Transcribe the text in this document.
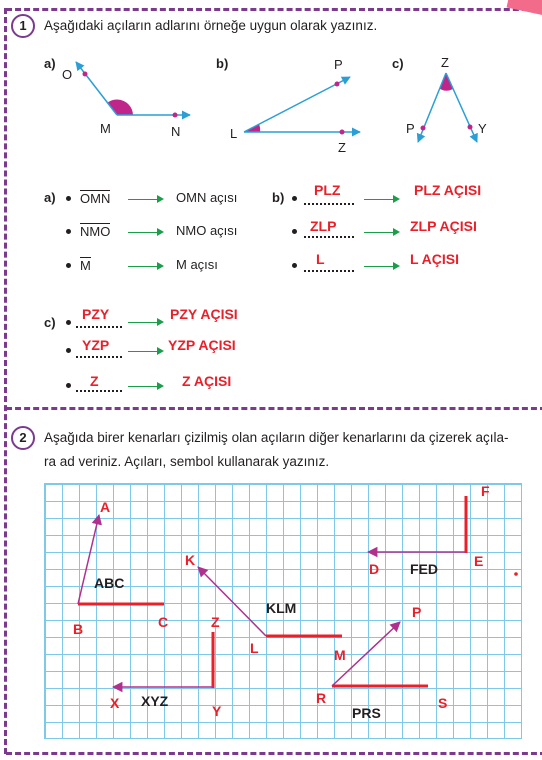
1	Aşağıdaki açıların adlarını örneğe uygun olarak yazınız.
a)
O
M	N
b)	P
L
Z
c)	Z
P	Y
a) OMN	OMN açısı
NMO	NMO açısı
M	M açısı
b) PLZ	PLZ AÇISI
ZLP	ZLP AÇISI
L	L AÇISI
c)
PZY	PZY AÇISI
YZP	YZP AÇISI
Z	Z AÇISI
2	Aşağıda birer kenarları çizilmiş olan açıların diğer kenarlarını da çizerek açıla-
ra ad veriniz. Açıları, sembol kullanarak yazınız.
A
ABC
B	C
K
KLM
L	M
F
FED	E
D
X XYZ
Y
Z
P
R
PRS
S
